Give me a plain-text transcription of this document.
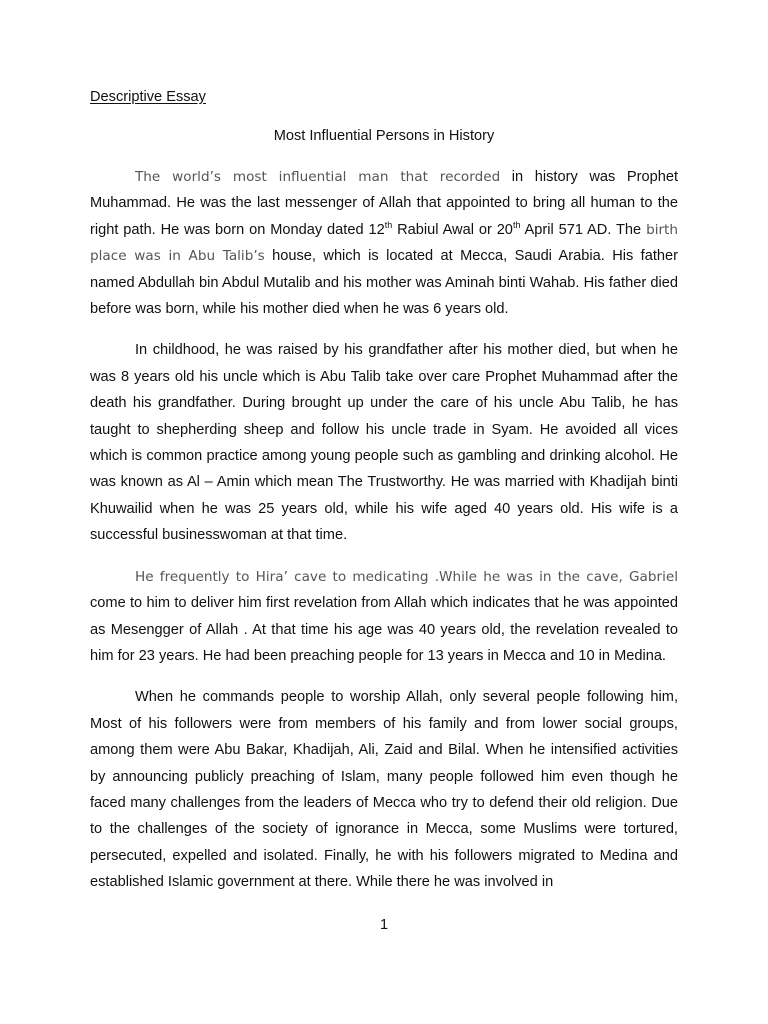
Descriptive Essay
Most Influential Persons in History

The world’s most influential man that recorded in history was Prophet Muhammad. He was the last messenger of Allah that appointed to bring all human to the right path. He was born on Monday dated 12th Rabiul Awal or 20th April 571 AD. The birth place was in Abu Talib’s house, which is located at Mecca, Saudi Arabia. His father named Abdullah bin Abdul Mutalib and his mother was Aminah binti Wahab. His father died before was born, while his mother died when he was 6 years old.

In childhood, he was raised by his grandfather after his mother died, but when he was 8 years old his uncle which is Abu Talib take over care Prophet Muhammad after the death his grandfather. During brought up under the care of his uncle Abu Talib, he has taught to shepherding sheep and follow his uncle trade in Syam. He avoided all vices which is common practice among young people such as gambling and drinking alcohol. He was known as Al – Amin which mean The Trustworthy. He was married with Khadijah binti Khuwailid when he was 25 years old, while his wife aged 40 years old. His wife is a successful businesswoman at that time.

He frequently to Hira’ cave to medicating .While he was in the cave, Gabriel come to him to deliver him first revelation from Allah which indicates that he was appointed as Mesengger of Allah . At that time his age was 40 years old, the revelation revealed to him for 23 years. He had been preaching people for 13 years in Mecca and 10 in Medina.

When he commands people to worship Allah, only several people following him, Most of his followers were from members of his family and from lower social groups, among them were Abu Bakar, Khadijah, Ali, Zaid and Bilal. When he intensified activities by announcing publicly preaching of Islam, many people followed him even though he faced many challenges from the leaders of Mecca who try to defend their old religion. Due to the challenges of the society of ignorance in Mecca, some Muslims were tortured, persecuted, expelled and isolated. Finally, he with his followers migrated to Medina and established Islamic government at there. While there he was involved in

1
